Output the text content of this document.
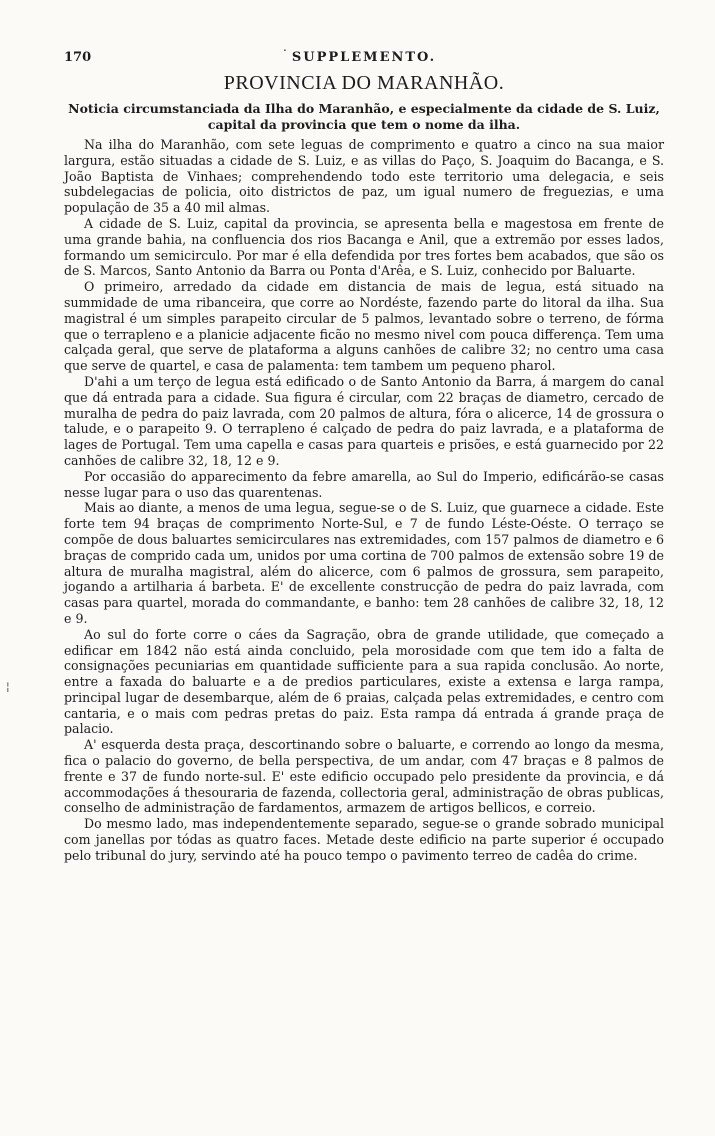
170	SUPPLEMENTO.
PROVINCIA DO MARANHÃO.
Noticia circumstanciada da Ilha do Maranhão, e especialmente da cidade de S. Luiz, capital da provincia que tem o nome da ilha.

Na ilha do Maranhão, com sete leguas de comprimento e quatro a cinco na sua maior largura, estão situadas a cidade de S. Luiz, e as villas do Paço, S. Joaquim do Bacanga, e S. João Baptista de Vinhaes; comprehendendo todo este territorio uma delegacia, e seis subdelegacias de policia, oito districtos de paz, um igual numero de freguezias, e uma população de 35 a 40 mil almas.

A cidade de S. Luiz, capital da provincia, se apresenta bella e magestosa em frente de uma grande bahia, na confluencia dos rios Bacanga e Anil, que a extremão por esses lados, formando um semicirculo. Por mar é ella defendida por tres fortes bem acabados, que são os de S. Marcos, Santo Antonio da Barra ou Ponta d'Arêa, e S. Luiz, conhecido por Baluarte.

O primeiro, arredado da cidade em distancia de mais de legua, está situado na summidade de uma ribanceira, que corre ao Nordéste, fazendo parte do litoral da ilha. Sua magistral é um simples parapeito circular de 5 palmos, levantado sobre o terreno, de fórma que o terrapleno e a planicie adjacente ficão no mesmo nivel com pouca differença. Tem uma calçada geral, que serve de plataforma a alguns canhões de calibre 32; no centro uma casa que serve de quartel, e casa de palamenta: tem tambem um pequeno pharol.

D'ahi a um terço de legua está edificado o de Santo Antonio da Barra, á margem do canal que dá entrada para a cidade. Sua figura é circular, com 22 braças de diametro, cercado de muralha de pedra do paiz lavrada, com 20 palmos de altura, fóra o alicerce, 14 de grossura o talude, e o parapeito 9. O terrapleno é calçado de pedra do paiz lavrada, e a plataforma de lages de Portugal. Tem uma capella e casas para quarteis e prisões, e está guarnecido por 22 canhões de calibre 32, 18, 12 e 9.

Por occasião do apparecimento da febre amarella, ao Sul do Imperio, edificárão-se casas nesse lugar para o uso das quarentenas.

Mais ao diante, a menos de uma legua, segue-se o de S. Luiz, que guarnece a cidade. Este forte tem 94 braças de comprimento Norte-Sul, e 7 de fundo Léste-Oéste. O terraço se compõe de dous baluartes semicirculares nas extremidades, com 157 palmos de diametro e 6 braças de comprido cada um, unidos por uma cortina de 700 palmos de extensão sobre 19 de altura de muralha magistral, além do alicerce, com 6 palmos de grossura, sem parapeito, jogando a artilharia á barbeta. E' de excellente construcção de pedra do paiz lavrada, com casas para quartel, morada do commandante, e banho: tem 28 canhões de calibre 32, 18, 12 e 9.

Ao sul do forte corre o cáes da Sagração, obra de grande utilidade, que começado a edificar em 1842 não está ainda concluido, pela morosidade com que tem ido a falta de consignações pecuniarias em quantidade sufficiente para a sua rapida conclusão. Ao norte, entre a faxada do baluarte e a de predios particulares, existe a extensa e larga rampa, principal lugar de desembarque, além de 6 praias, calçada pelas extremidades, e centro com cantaria, e o mais com pedras pretas do paiz. Esta rampa dá entrada á grande praça de palacio.

A' esquerda desta praça, descortinando sobre o baluarte, e correndo ao longo da mesma, fica o palacio do governo, de bella perspectiva, de um andar, com 47 braças e 8 palmos de frente e 37 de fundo norte-sul. E' este edificio occupado pelo presidente da provincia, e dá accommodações á thesouraria de fazenda, collectoria geral, administração de obras publicas, conselho de administração de fardamentos, armazem de artigos bellicos, e correio.

Do mesmo lado, mas independentemente separado, segue-se o grande sobrado municipal com janellas por tódas as quatro faces. Metade deste edificio na parte superior é occupado pelo tribunal do jury, servindo até ha pouco tempo o pavimento terreo de cadêa do crime.

.
¦
